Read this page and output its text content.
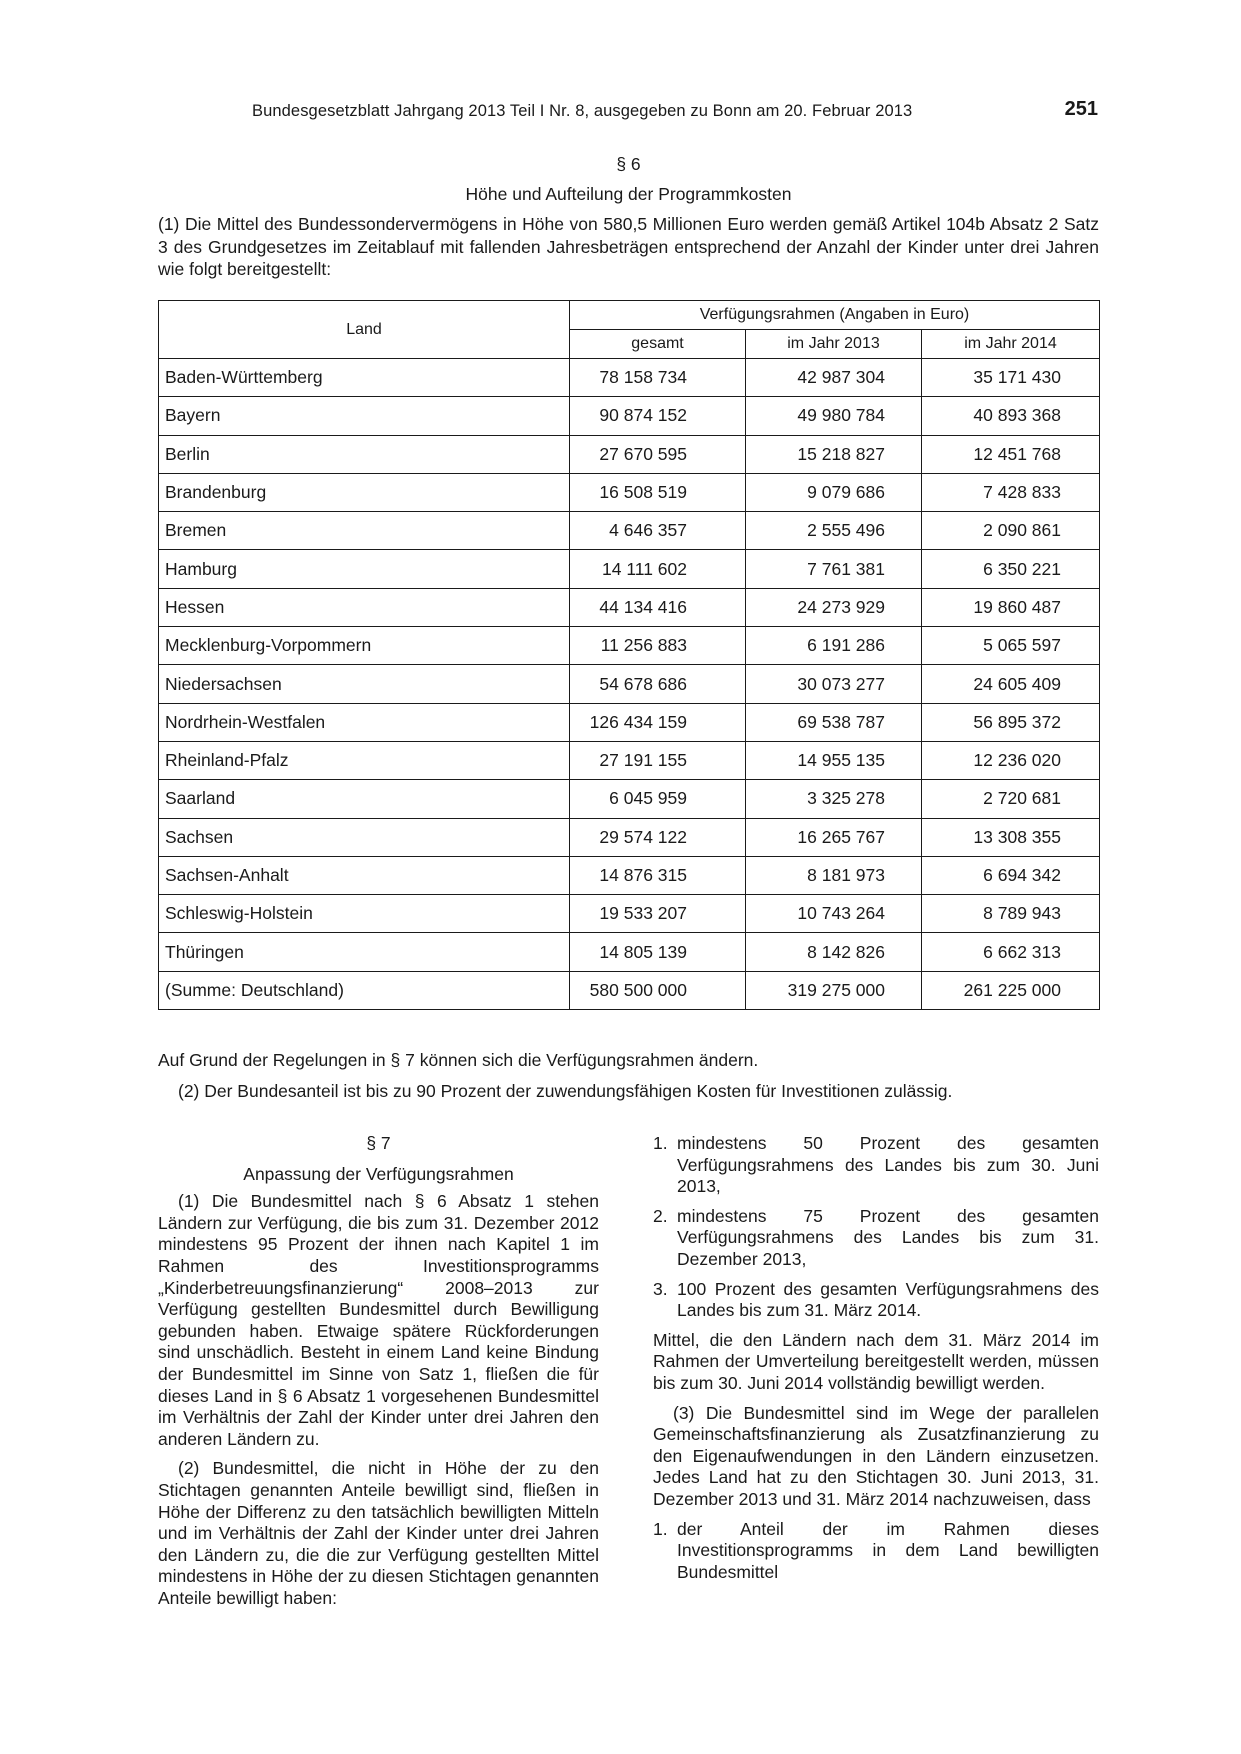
Bundesgesetzblatt Jahrgang 2013 Teil I Nr. 8, ausgegeben zu Bonn am 20. Februar 2013	251
§ 6
Höhe und Aufteilung der Programmkosten
(1) Die Mittel des Bundessondervermögens in Höhe von 580,5 Millionen Euro werden gemäß Artikel 104b Absatz 2 Satz 3 des Grundgesetzes im Zeitablauf mit fallenden Jahresbeträgen entsprechend der Anzahl der Kinder unter drei Jahren wie folgt bereitgestellt:
Land	Verfügungsrahmen (Angaben in Euro)		
	gesamt	im Jahr 2013	im Jahr 2014
Baden-Württemberg	78 158 734	42 987 304	35 171 430
Bayern	90 874 152	49 980 784	40 893 368
Berlin	27 670 595	15 218 827	12 451 768
Brandenburg	16 508 519	9 079 686	7 428 833
Bremen	4 646 357	2 555 496	2 090 861
Hamburg	14 111 602	7 761 381	6 350 221
Hessen	44 134 416	24 273 929	19 860 487
Mecklenburg-Vorpommern	11 256 883	6 191 286	5 065 597
Niedersachsen	54 678 686	30 073 277	24 605 409
Nordrhein-Westfalen	126 434 159	69 538 787	56 895 372
Rheinland-Pfalz	27 191 155	14 955 135	12 236 020
Saarland	6 045 959	3 325 278	2 720 681
Sachsen	29 574 122	16 265 767	13 308 355
Sachsen-Anhalt	14 876 315	8 181 973	6 694 342
Schleswig-Holstein	19 533 207	10 743 264	8 789 943
Thüringen	14 805 139	8 142 826	6 662 313
(Summe: Deutschland)	580 500 000	319 275 000	261 225 000
Auf Grund der Regelungen in § 7 können sich die Verfügungsrahmen ändern.
(2) Der Bundesanteil ist bis zu 90 Prozent der zuwendungsfähigen Kosten für Investitionen zulässig.
§ 7
Anpassung der Verfügungsrahmen

(1) Die Bundesmittel nach § 6 Absatz 1 stehen Ländern zur Verfügung, die bis zum 31. Dezember 2012 mindestens 95 Prozent der ihnen nach Kapitel 1 im Rahmen des Investitionsprogramms „Kinderbetreuungsfinanzierung“ 2008–2013 zur Verfügung gestellten Bundesmittel durch Bewilligung gebunden haben. Etwaige spätere Rückforderungen sind unschädlich. Besteht in einem Land keine Bindung der Bundesmittel im Sinne von Satz 1, fließen die für dieses Land in § 6 Absatz 1 vorgesehenen Bundesmittel im Verhältnis der Zahl der Kinder unter drei Jahren den anderen Ländern zu.

(2) Bundesmittel, die nicht in Höhe der zu den Stichtagen genannten Anteile bewilligt sind, fließen in Höhe der Differenz zu den tatsächlich bewilligten Mitteln und im Verhältnis der Zahl der Kinder unter drei Jahren den Ländern zu, die die zur Verfügung gestellten Mittel mindestens in Höhe der zu diesen Stichtagen genannten Anteile bewilligt haben:

1. mindestens 50 Prozent des gesamten Verfügungsrahmens des Landes bis zum 30. Juni 2013,
2. mindestens 75 Prozent des gesamten Verfügungsrahmens des Landes bis zum 31. Dezember 2013,
3. 100 Prozent des gesamten Verfügungsrahmens des Landes bis zum 31. März 2014.

Mittel, die den Ländern nach dem 31. März 2014 im Rahmen der Umverteilung bereitgestellt werden, müssen bis zum 30. Juni 2014 vollständig bewilligt werden.

(3) Die Bundesmittel sind im Wege der parallelen Gemeinschaftsfinanzierung als Zusatzfinanzierung zu den Eigenaufwendungen in den Ländern einzusetzen. Jedes Land hat zu den Stichtagen 30. Juni 2013, 31. Dezember 2013 und 31. März 2014 nachzuweisen, dass

1. der Anteil der im Rahmen dieses Investitionsprogramms in dem Land bewilligten Bundesmittel
